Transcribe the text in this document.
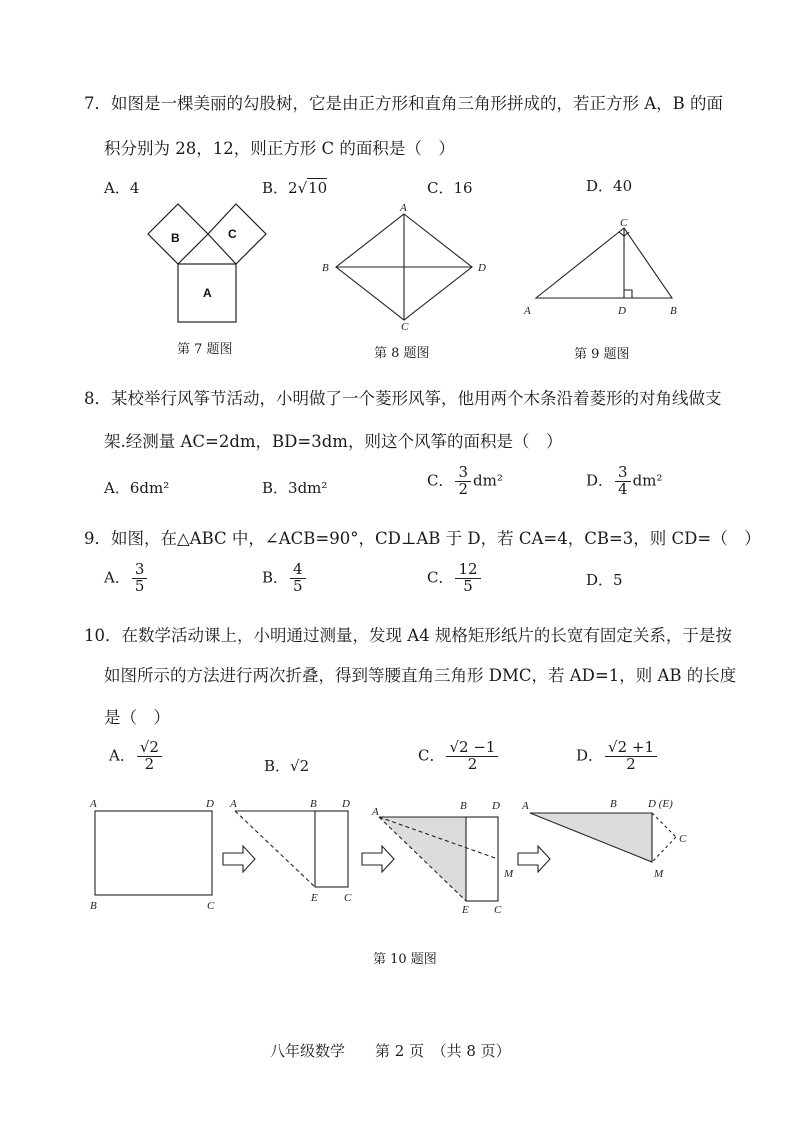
7．如图是一棵美丽的勾股树，它是由正方形和直角三角形拼成的，若正方形 A，B 的面
积分别为 28，12，则正方形 C 的面积是（　）
A．4	B．2√10	C．16	D．40
B	C
A
第 7 题图
A
B	D
C
第 8 题图
C
A	D	B
第 9 题图
8．某校举行风筝节活动，小明做了一个菱形风筝，他用两个木条沿着菱形的对角线做支
架.经测量 AC=2dm，BD=3dm，则这个风筝的面积是（　）
A．6dm²	B．3dm²	C． $\frac{3}{2} dm^2$	D． $\frac{3}{4} dm^2$
9．如图，在△ABC 中，∠ACB=90°，CD⊥AB 于 D，若 CA=4，CB=3，则 CD=（　）
A． $\frac{3}{5}$	B． $\frac{4}{5}$	C． $\frac{12}{5}$	D．5
10．在数学活动课上，小明通过测量，发现 A4 规格矩形纸片的长宽有固定关系，于是按
如图所示的方法进行两次折叠，得到等腰直角三角形 DMC，若 AD=1，则 AB 的长度
是（　）
A． $\frac{√2}{2}$	B．√2
C． $\frac{√2 -1}{2}$	D． $\frac{√2 +1}{2}$
A	D
B	C
A	B D
E C
A	B D
M
E C
B	D (E)
C
M
A
第 10 题图
八年级数学　　第 2 页　（共 8 页）
